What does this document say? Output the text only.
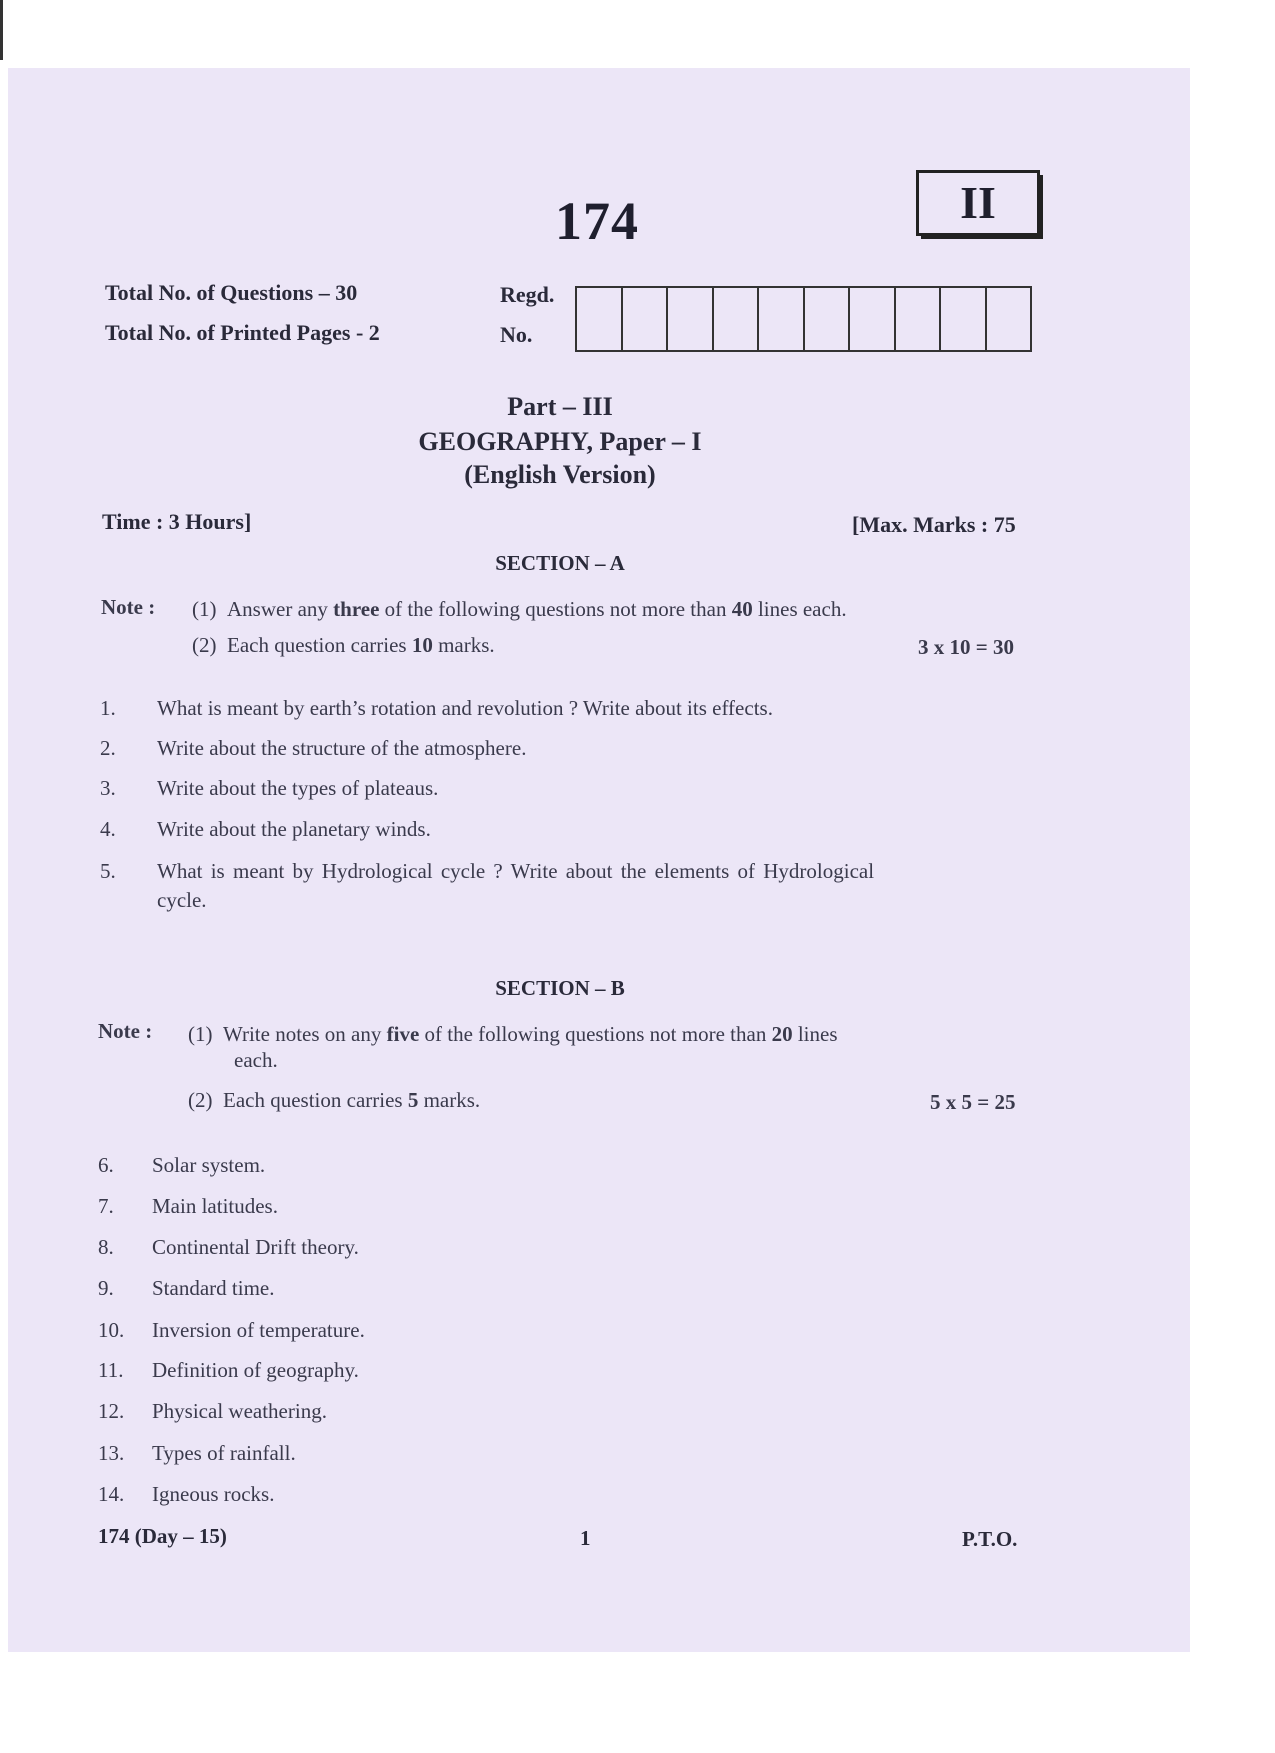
174	II
Total No. of Questions – 30
Total No. of Printed Pages - 2
Regd.
No.
Part – III
GEOGRAPHY, Paper – I
(English Version)
Time : 3 Hours]	[Max. Marks : 75
SECTION – A
Note : (1) Answer any three of the following questions not more than 40 lines each.
(2) Each question carries 10 marks.	3 x 10 = 30
1. What is meant by earth’s rotation and revolution ? Write about its effects.
2. Write about the structure of the atmosphere.
3. Write about the types of plateaus.
4. Write about the planetary winds.
5. What is meant by Hydrological cycle ? Write about the elements of Hydrological
cycle.
SECTION – B
Note : (1) Write notes on any five of the following questions not more than 20 lines
each.
(2) Each question carries 5 marks.	5 x 5 = 25
6. Solar system.
7. Main latitudes.
8. Continental Drift theory.
9. Standard time.
10. Inversion of temperature.
11. Definition of geography.
12. Physical weathering.
13. Types of rainfall.
14. Igneous rocks.
174 (Day – 15)	1	P.T.O.
